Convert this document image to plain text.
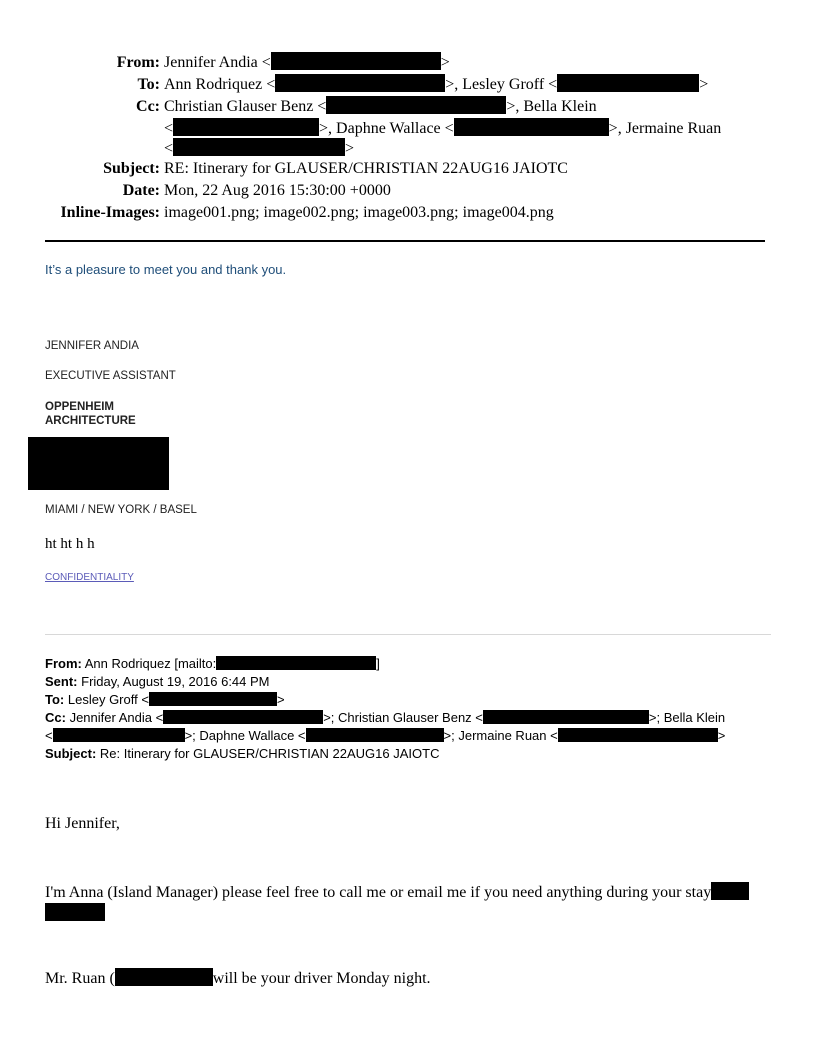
From: Jennifer Andia <	>
To: Ann Rodriquez <	>, Lesley Groff <	>
Cc: Christian Glauser Benz <	>, Bella Klein
<	>, Daphne Wallace <	>, Jermaine Ruan
<	>
Subject: RE: Itinerary for GLAUSER/CHRISTIAN 22AUG16 JAIOTC
Date: Mon, 22 Aug 2016 15:30:00 +0000
Inline-Images: image001.png; image002.png; image003.png; image004.png
It’s a pleasure to meet you and thank you.
JENNIFER ANDIA
EXECUTIVE ASSISTANT
OPPENHEIM
ARCHITECTURE
MIAMI / NEW YORK / BASEL
ht ht h h
CONFIDENTIALITY
From: Ann Rodriquez [mailto:	]
Sent: Friday, August 19, 2016 6:44 PM
To: Lesley Groff <	>
Cc: Jennifer Andia <	>; Christian Glauser Benz <	>; Bella Klein
<	>; Daphne Wallace <	>; Jermaine Ruan <	>
Subject: Re: Itinerary for GLAUSER/CHRISTIAN 22AUG16 JAIOTC
Hi Jennifer,
I'm Anna (Island Manager) please feel free to call me or email me if you need anything during your stay

Mr. Ruan (	will be your driver Monday night.
